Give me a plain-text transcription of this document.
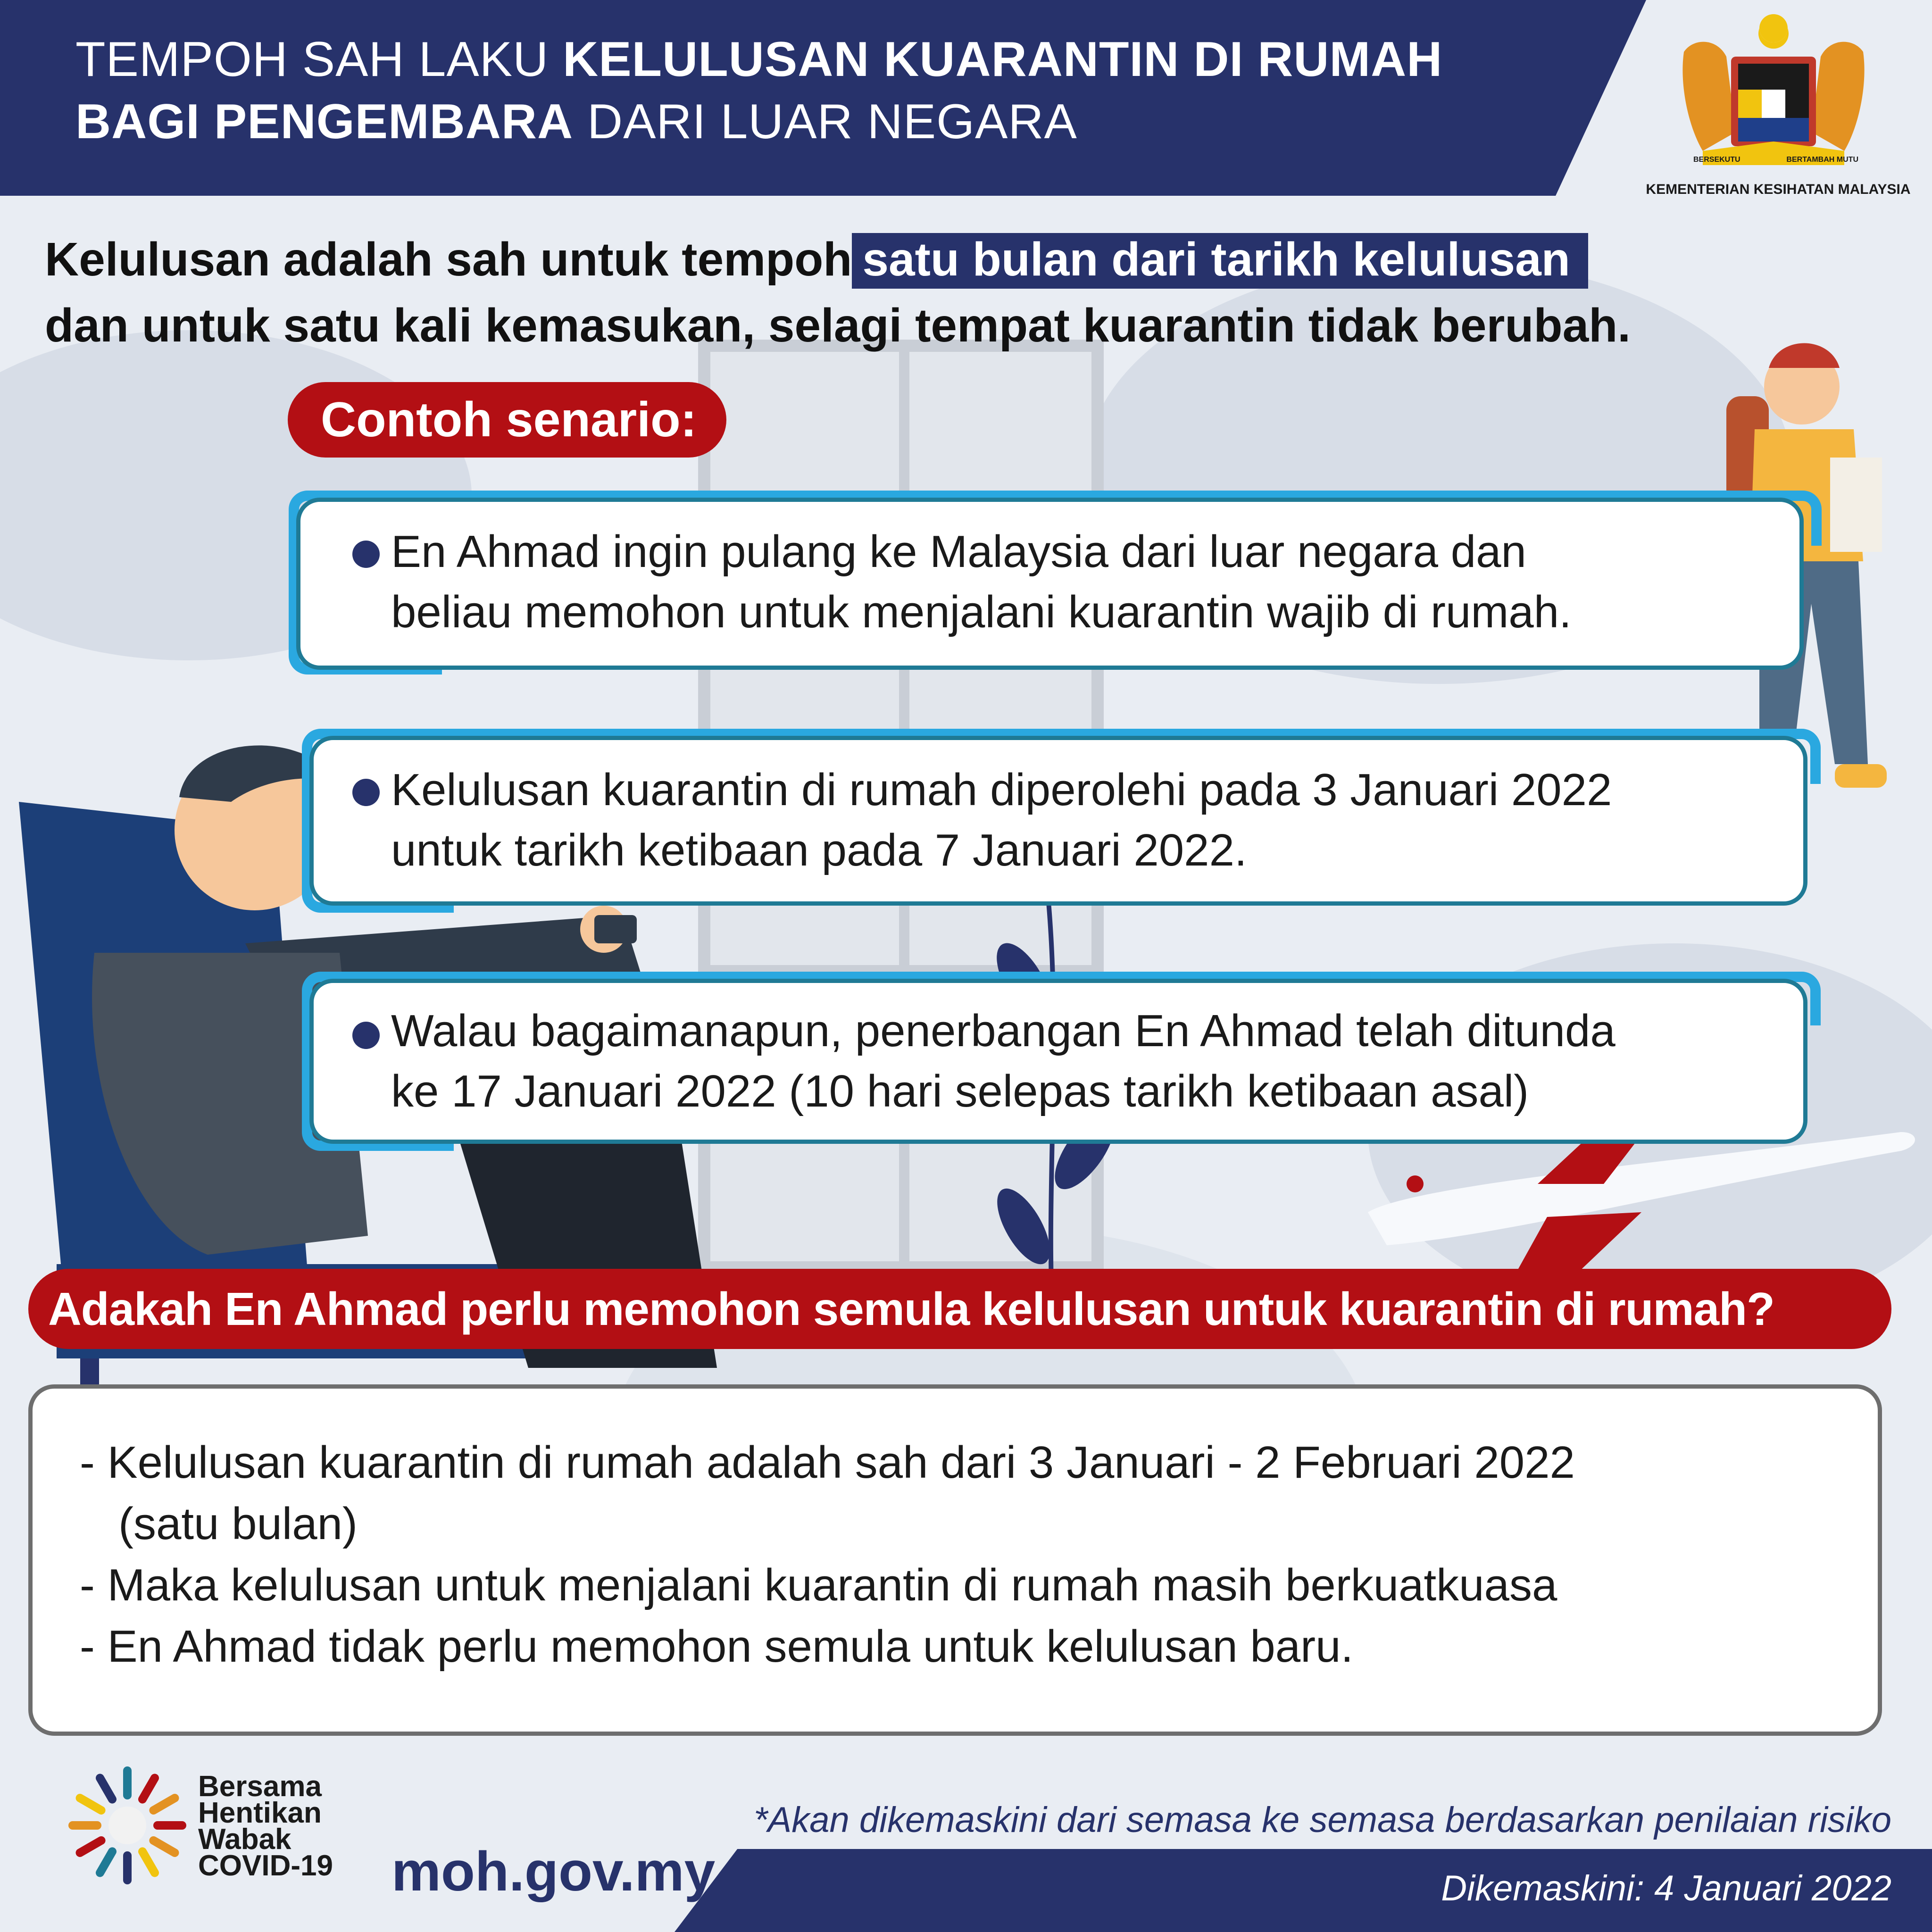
TEMPOH SAH LAKU KELULUSAN KUARANTIN DI RUMAH
BAGI PENGEMBARA DARI LUAR NEGARA
BERSEKUTU	BERTAMBAH MUTU
KEMENTERIAN KESIHATAN MALAYSIA
Kelulusan adalah sah untuk tempoh satu bulan dari tarikh kelulusan
dan untuk satu kali kemasukan, selagi tempat kuarantin tidak berubah.
Contoh senario:
En Ahmad ingin pulang ke Malaysia dari luar negara dan
beliau memohon untuk menjalani kuarantin wajib di rumah.
Kelulusan kuarantin di rumah diperolehi pada 3 Januari 2022
untuk tarikh ketibaan pada 7 Januari 2022.
Walau bagaimanapun, penerbangan En Ahmad telah ditunda
ke 17 Januari 2022 (10 hari selepas tarikh ketibaan asal)
Adakah En Ahmad perlu memohon semula kelulusan untuk kuarantin di rumah?
- Kelulusan kuarantin di rumah adalah sah dari 3 Januari - 2 Februari 2022
(satu bulan)
- Maka kelulusan untuk menjalani kuarantin di rumah masih berkuatkuasa
- En Ahmad tidak perlu memohon semula untuk kelulusan baru.
Bersama
Hentikan
Wabak
COVID-19 moh.gov.my
*Akan dikemaskini dari semasa ke semasa berdasarkan penilaian risiko
Dikemaskini: 4 Januari 2022
